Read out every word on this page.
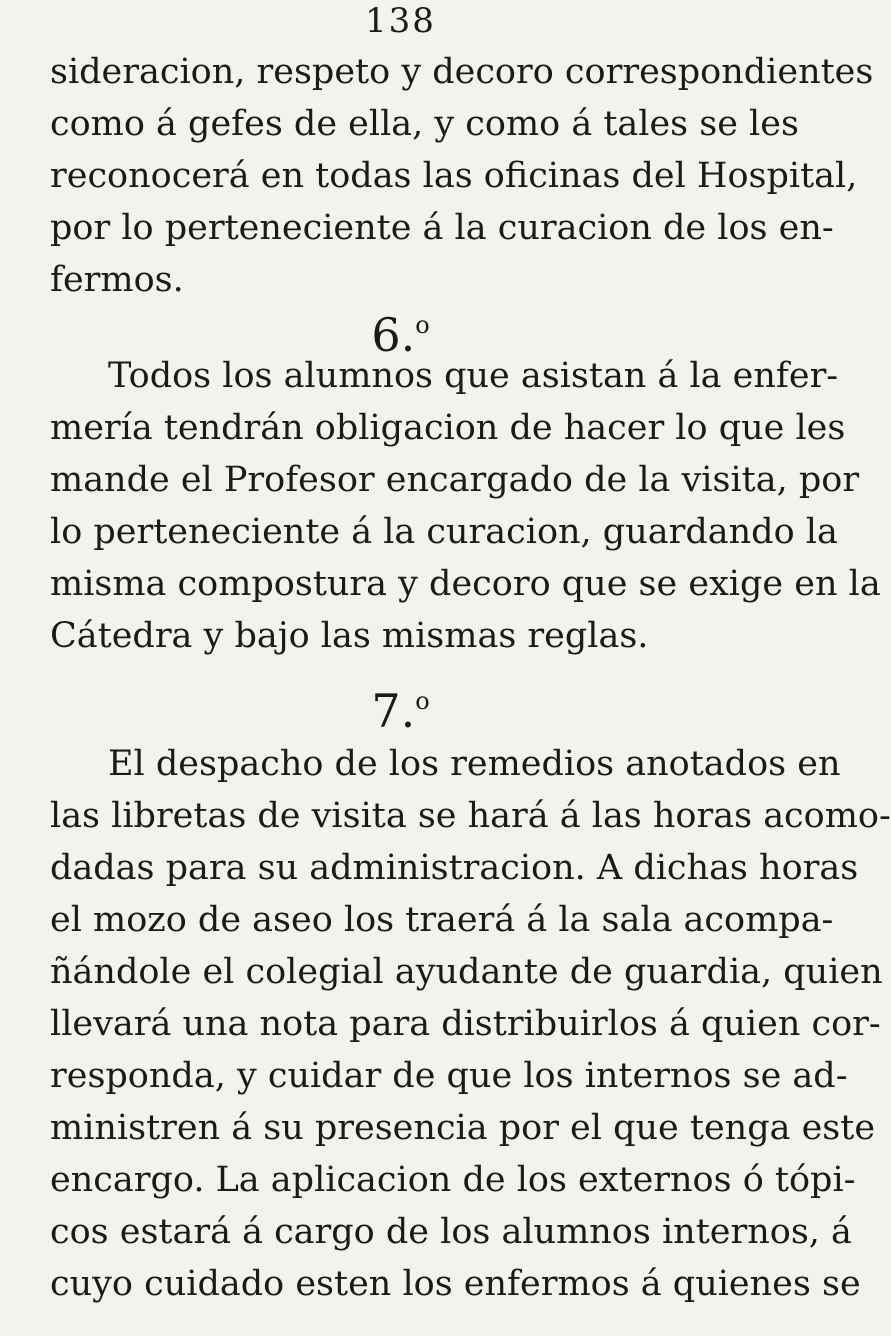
138

sideracion, respeto y decoro correspondientes
como á gefes de ella, y como á tales se les
reconocerá en todas las oficinas del Hospital,
por lo perteneciente á la curacion de los en-
fermos.

6.$^o$

Todos los alumnos que asistan á la enfer-
mería tendrán obligacion de hacer lo que les
mande el Profesor encargado de la visita, por
lo perteneciente á la curacion, guardando la
misma compostura y decoro que se exige en la
Cátedra y bajo las mismas reglas.

7.$^o$

El despacho de los remedios anotados en
las libretas de visita se hará á las horas acomo-
dadas para su administracion. A dichas horas
el mozo de aseo los traerá á la sala acompa-
ñándole el colegial ayudante de guardia, quien
llevará una nota para distribuirlos á quien cor-
responda, y cuidar de que los internos se ad-
ministren á su presencia por el que tenga este
encargo. La aplicacion de los externos ó tópi-
cos estará á cargo de los alumnos internos, á
cuyo cuidado esten los enfermos á quienes se
